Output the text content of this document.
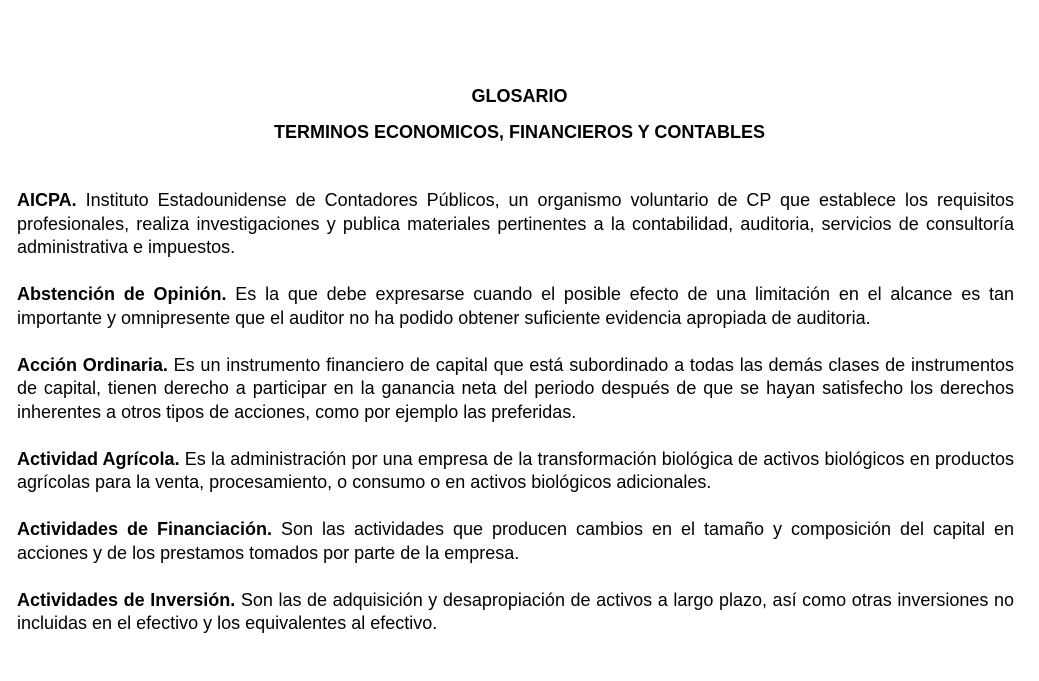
GLOSARIO
TERMINOS ECONOMICOS, FINANCIEROS Y CONTABLES

AICPA. Instituto Estadounidense de Contadores Públicos, un organismo voluntario de CP que establece los requisitos profesionales, realiza investigaciones y publica materiales pertinentes a la contabilidad, auditoria, servicios de consultoría administrativa e impuestos.

Abstención de Opinión. Es la que debe expresarse cuando el posible efecto de una limitación en el alcance es tan importante y omnipresente que el auditor no ha podido obtener suficiente evidencia apropiada de auditoria.

Acción Ordinaria. Es un instrumento financiero de capital que está subordinado a todas las demás clases de instrumentos de capital, tienen derecho a participar en la ganancia neta del periodo después de que se hayan satisfecho los derechos inherentes a otros tipos de acciones, como por ejemplo las preferidas.

Actividad Agrícola. Es la administración por una empresa de la transformación biológica de activos biológicos en productos agrícolas para la venta, procesamiento, o consumo o en activos biológicos adicionales.

Actividades de Financiación. Son las actividades que producen cambios en el tamaño y composición del capital en acciones y de los prestamos tomados por parte de la empresa.

Actividades de Inversión. Son las de adquisición y desapropiación de activos a largo plazo, así como otras inversiones no incluidas en el efectivo y los equivalentes al efectivo.
